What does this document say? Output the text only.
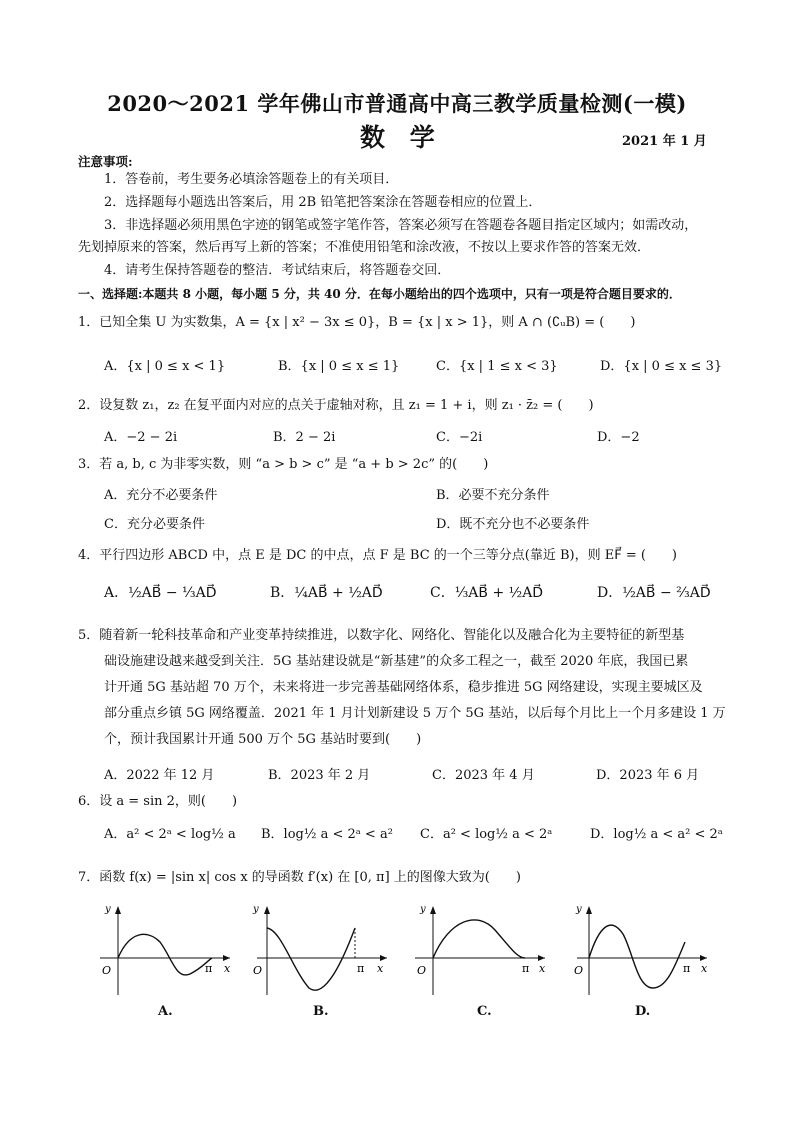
2020～2021 学年佛山市普通高中高三教学质量检测(一模)
数 学	2021 年 1 月
注意事项:
1．答卷前，考生要务必填涂答题卷上的有关项目．
2．选择题每小题选出答案后，用 2B 铅笔把答案涂在答题卷相应的位置上．
3．非选择题必须用黑色字迹的钢笔或签字笔作答，答案必须写在答题卷各题目指定区域内；如需改动，
先划掉原来的答案，然后再写上新的答案；不准使用铅笔和涂改液，不按以上要求作答的答案无效．
4．请考生保持答题卷的整洁．考试结束后，将答题卷交回．
一、选择题:本题共 8 小题，每小题 5 分，共 40 分．在每小题给出的四个选项中，只有一项是符合题目要求的．
1．已知全集 U 为实数集，A = {x | x² − 3x ≤ 0}，B = {x | x > 1}，则 A ∩ (∁ᵤB) = (　　)
A．{x | 0 ≤ x < 1}	B．{x | 0 ≤ x ≤ 1}	C．{x | 1 ≤ x < 3}	D．{x | 0 ≤ x ≤ 3}
2．设复数 z₁，z₂ 在复平面内对应的点关于虚轴对称，且 z₁ = 1 + i，则 z₁ · z̄₂ = (　　)
A．−2 − 2i	B．2 − 2i	C．−2i	D．−2
3．若 a, b, c 为非零实数，则 “a > b > c” 是 “a + b > 2c” 的(　　)
A．充分不必要条件	B．必要不充分条件
C．充分必要条件	D．既不充分也不必要条件
4．平行四边形 ABCD 中，点 E 是 DC 的中点，点 F 是 BC 的一个三等分点(靠近 B)，则 EF⃗ = (　　)
A．½AB⃗ − ⅓AD⃗	B．¼AB⃗ + ½AD⃗	C．⅓AB⃗ + ½AD⃗	D．½AB⃗ − ⅔AD⃗
5．随着新一轮科技革命和产业变革持续推进，以数字化、网络化、智能化以及融合化为主要特征的新型基
础设施建设越来越受到关注．5G 基站建设就是“新基建”的众多工程之一，截至 2020 年底，我国已累
计开通 5G 基站超 70 万个，未来将进一步完善基础网络体系，稳步推进 5G 网络建设，实现主要城区及
部分重点乡镇 5G 网络覆盖．2021 年 1 月计划新建设 5 万个 5G 基站，以后每个月比上一个月多建设 1 万
个，预计我国累计开通 500 万个 5G 基站时要到(　　)
A．2022 年 12 月	B．2023 年 2 月	C．2023 年 4 月	D．2023 年 6 月
6．设 a = sin 2，则(　　)
A．a² < 2ᵃ < log½ a B．log½ a < 2ᵃ < a² C．a² < log½ a < 2ᵃ	D．log½ a < a² < 2ᵃ
7．函数 f(x) = |sin x| cos x 的导函数 f′(x) 在 [0, π] 上的图像大致为(　　)
y
O	π x
y
O	π x
y
O	π x
y
O	π x
A.	B.	C.	D.
